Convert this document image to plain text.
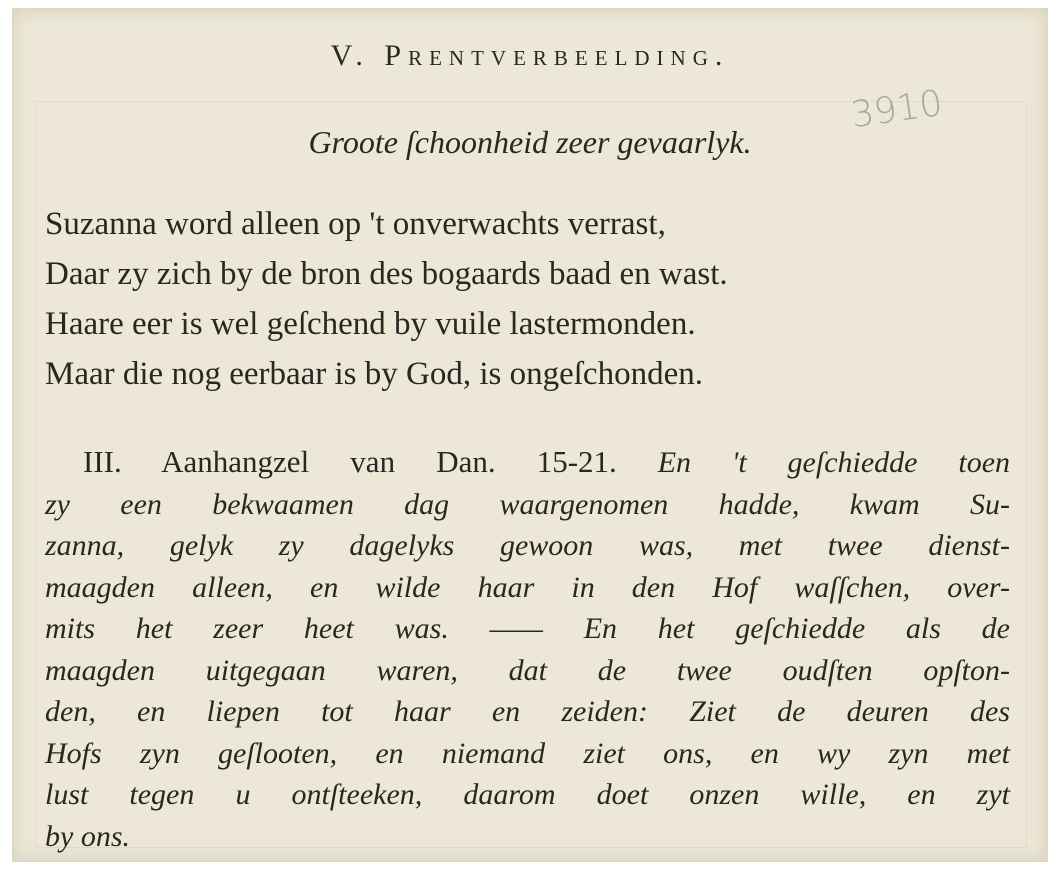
V. Prentverbeelding.
3910
Groote ſchoonheid zeer gevaarlyk.
Suzanna word alleen op 't onverwachts verrast,
Daar zy zich by de bron des bogaards baad en wast.
Haare eer is wel geſchend by vuile lastermonden.
Maar die nog eerbaar is by God, is ongeſchonden.
III. Aanhangzel van Dan. 15-21. En 't geſchiedde toen
zy een bekwaamen dag waargenomen hadde, kwam Su-
zanna, gelyk zy dagelyks gewoon was, met twee dienst-
maagden alleen, en wilde haar in den Hof waſſchen, over-
mits het zeer heet was. —— En het geſchiedde als de
maagden uitgegaan waren, dat de twee oudſten opſton-
den, en liepen tot haar en zeiden: Ziet de deuren des
Hofs zyn geſlooten, en niemand ziet ons, en wy zyn met
lust tegen u ontſteeken, daarom doet onzen wille, en zyt
by ons.
